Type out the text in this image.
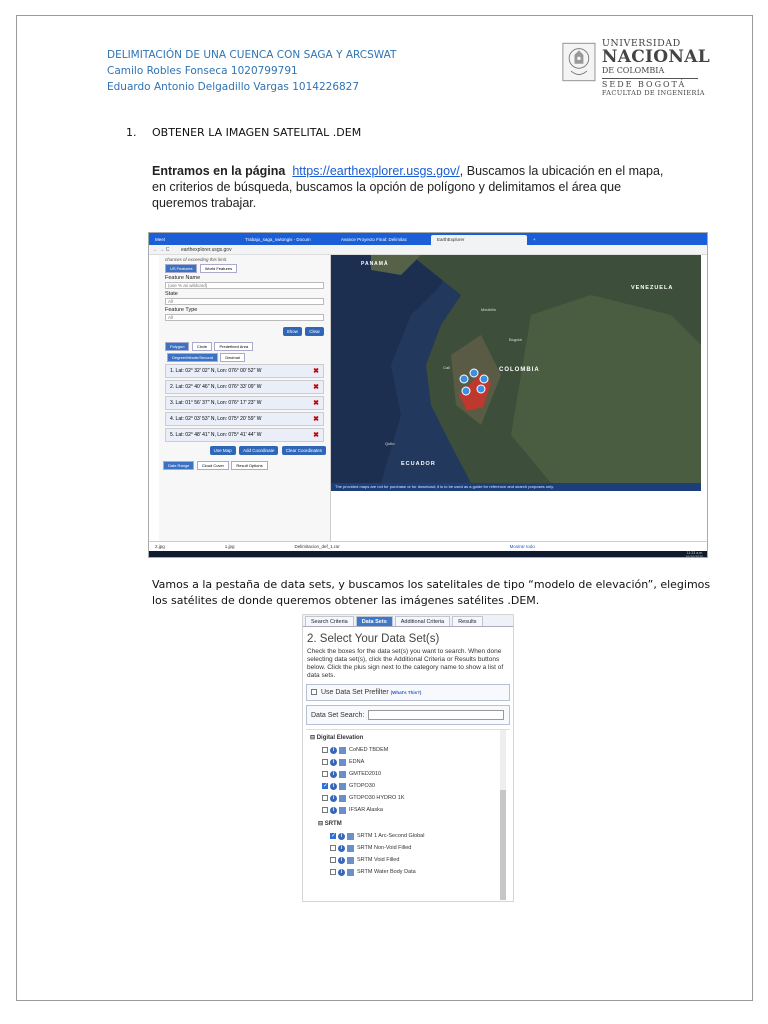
DELIMITACIÓN DE UNA CUENCA CON SAGA Y ARCSWAT
Camilo Robles Fonseca 1020799791
Eduardo Antonio Delgadillo Vargas 1014226827
UNIVERSIDAD
NACIONAL
DE COLOMBIA
SEDE BOGOTÁ
FACULTAD DE INGENIERÍA
1. OBTENER LA IMAGEN SATELITAL .DEM
Entramos en la página https://earthexplorer.usgs.gov/, Buscamos la ubicación en el mapa, en criterios de búsqueda, buscamos la opción de polígono y delimitamos el área que queremos trabajar.
Meet	Trabajo_saga_swtongis - Docum	Avance Proyecto Final: Delimitac	EarthExplorer	+
← → C	earthexplorer.usgs.gov
chances of exceeding this limit.
US Features	World Features
Feature Name
(use % as wildcard)
State
All
Feature Type
All
Show	Clear
Polygon	Circle	Predefined Area
Degree/Minute/Second	Decimal
1. Lat: 02° 32' 02" N, Lon: 076° 00' 52" W	✖
2. Lat: 02° 40' 46" N, Lon: 076° 33' 09" W	✖
3. Lat: 01° 56' 37" N, Lon: 076° 17' 23" W	✖
4. Lat: 02° 03' 53" N, Lon: 075° 20' 59" W	✖
5. Lat: 02° 48' 41" N, Lon: 075° 41' 44" W	✖
Use Map	Add Coordinate	Clear Coordinates
Date Range	Cloud Cover	Result Options
PANAMÁ
VENEZUELA
COLOMBIA
ECUADOR
Medellín
Bogotá
Cali
Quito
The provided maps are not for purchase or for download; it is to be used as a guide for reference and search purposes only.
2.jpg	1.jpg	Delimitacion_def_1.rar	Mostrar todo
11:23 a.m.
16/10/2020
Vamos a la pestaña de data sets, y buscamos los satelitales de tipo “modelo de elevación”, elegimos los satélites de donde queremos obtener las imágenes satélites .DEM.
Search Criteria	Data Sets	Additional Criteria	Results
2. Select Your Data Set(s)
Check the boxes for the data set(s) you want to search. When done selecting data set(s), click the Additional Criteria or Results buttons below. Click the plus sign next to the category name to show a list of data sets.
Use Data Set Prefilter (What's This?)
Data Set Search:
⊟ Digital Elevation
i	CoNED TBDEM
i	EDNA
i	GMTED2010
✓
i	GTOPO30
i	GTOPO30 HYDRO 1K
i	IFSAR Alaska
⊟ SRTM
✓
i	SRTM 1 Arc-Second Global
i	SRTM Non-Void Filled
i	SRTM Void Filled
i	SRTM Water Body Data
